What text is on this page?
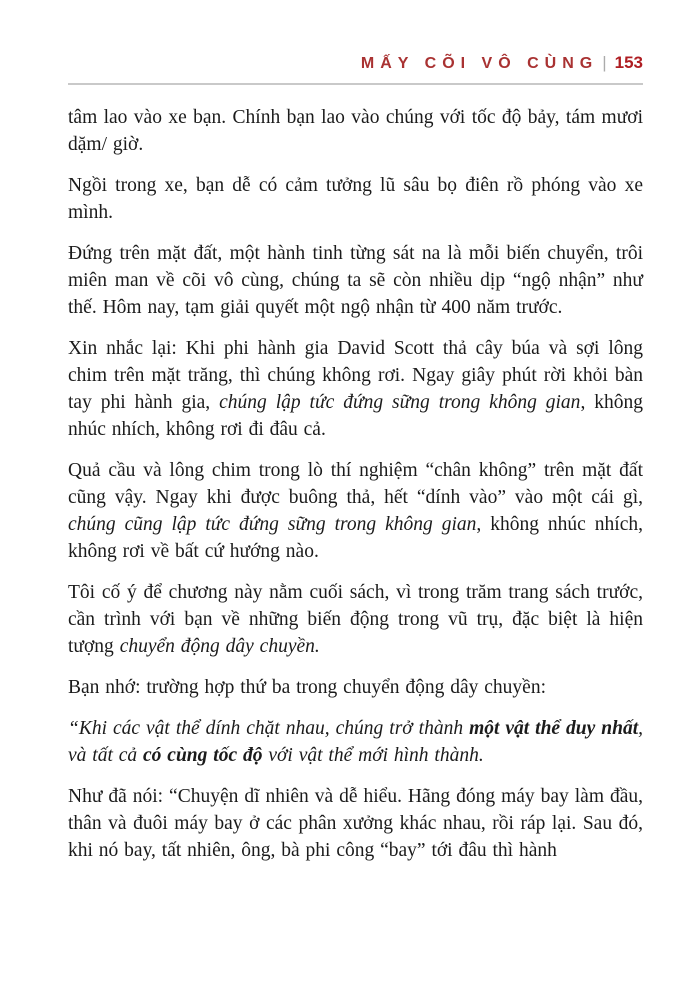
MẤY CÕI VÔ CÙNG | 153

tâm lao vào xe bạn. Chính bạn lao vào chúng với tốc độ bảy, tám mươi dặm/ giờ.

Ngồi trong xe, bạn dễ có cảm tưởng lũ sâu bọ điên rồ phóng vào xe mình.

Đứng trên mặt đất, một hành tinh từng sát na là mỗi biến chuyển, trôi miên man về cõi vô cùng, chúng ta sẽ còn nhiều dịp “ngộ nhận” như thế. Hôm nay, tạm giải quyết một ngộ nhận từ 400 năm trước.

Xin nhắc lại: Khi phi hành gia David Scott thả cây búa và sợi lông chim trên mặt trăng, thì chúng không rơi. Ngay giây phút rời khỏi bàn tay phi hành gia, chúng lập tức đứng sững trong không gian, không nhúc nhích, không rơi đi đâu cả.

Quả cầu và lông chim trong lò thí nghiệm “chân không” trên mặt đất cũng vậy. Ngay khi được buông thả, hết “dính vào” vào một cái gì, chúng cũng lập tức đứng sững trong không gian, không nhúc nhích, không rơi về bất cứ hướng nào.

Tôi cố ý để chương này nằm cuối sách, vì trong trăm trang sách trước, cần trình với bạn về những biến động trong vũ trụ, đặc biệt là hiện tượng chuyển động dây chuyền.

Bạn nhớ: trường hợp thứ ba trong chuyển động dây chuyền:

“Khi các vật thể dính chặt nhau, chúng trở thành một vật thể duy nhất, và tất cả có cùng tốc độ với vật thể mới hình thành.

Như đã nói: “Chuyện dĩ nhiên và dễ hiểu. Hãng đóng máy bay làm đầu, thân và đuôi máy bay ở các phân xưởng khác nhau, rồi ráp lại. Sau đó, khi nó bay, tất nhiên, ông, bà phi công “bay” tới đâu thì hành
